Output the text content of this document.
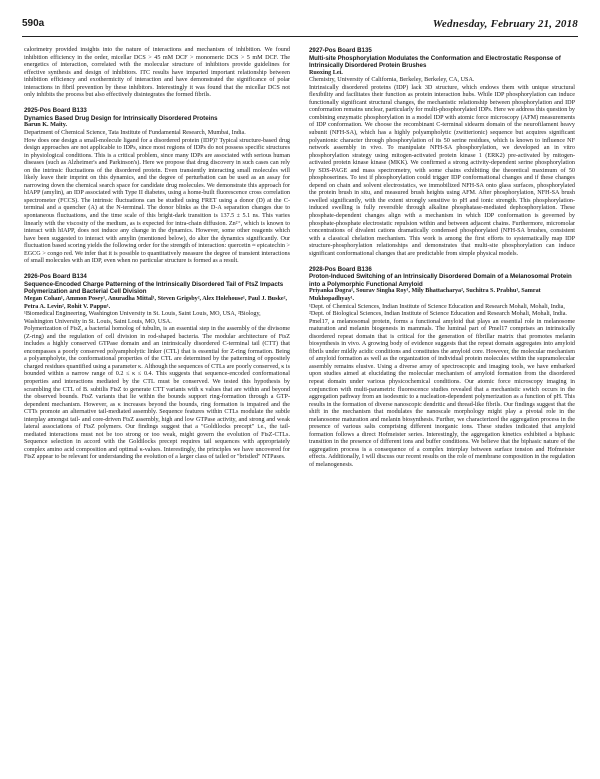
590a	Wednesday, February 21, 2018

calorimetry provided insights into the nature of interactions and mechanism of inhibition. We found inhibition efficiency in the order, micellar DCS > 45 mM DCF > monomeric DCS > 5 mM DCF. The energetics of interaction, correlated with the molecular structure of inhibitors provide guidelines for effective synthesis and design of inhibitors. ITC results have imparted important relationship between inhibition efficiency and exothermicity of interaction and have demonstrated the significance of polar interactions in fibril prevention by these inhibitors. Interestingly it was found that the micellar DCS not only inhibits the process but also effectively disintegrates the formed fibrils.

2925-Pos Board B133
Dynamics Based Drug Design for Intrinsically Disordered Proteins
Barun K. Maity.
Department of Chemical Science, Tata Institute of Fundamental Research, Mumbai, India.

How does one design a small-molecule ligand for a disordered protein (IDP)? Typical structure-based drug design approaches are not applicable to IDPs, since most regions of IDPs do not possess specific structures in physiological conditions. This is a critical problem, since many IDPs are associated with serious human diseases (such as Alzheimer's and Parkinson's). Here we propose that drug discovery in such cases can rely on the intrinsic fluctuations of the disordered protein. Even transiently interacting small molecules will likely leave their imprint on this dynamics, and the degree of perturbation can be used as an assay for narrowing down the chemical search space for candidate drug molecules. We demonstrate this approach for hIAPP (amylin), an IDP associated with Type II diabetes, using a home-built fluorescence cross correlation spectrometer (FCCS). The intrinsic fluctuations can be studied using FRET using a donor (D) at the C-terminal and a quencher (A) at the N-terminal. The donor blinks as the D-A separation changes due to spontaneous fluctuations, and the time scale of this bright-dark transition is 137.5 ± 5.1 ns. This varies linearly with the viscosity of the medium, as is expected for intra-chain diffusion. Zn²⁺, which is known to interact with hIAPP, does not induce any change in the dynamics. However, some other reagents which have been suggested to interact with amylin (mentioned below), do alter the dynamics significantly. Our fluctuation based scoring yields the following order for the strength of interaction: quercetin ≈ epicatechin > EGCG > congo red. We infer that it is possible to quantitatively measure the degree of transient interactions of small molecules with an IDP, even when no particular structure is formed as a result.

2926-Pos Board B134
Sequence-Encoded Charge Patterning of the Intrinsically Disordered Tail of FtsZ Impacts Polymerization and Bacterial Cell Division
Megan Cohan¹, Ammon Posey¹, Anuradha Mittal¹, Steven Grigsby², Alex Holehouse¹, Paul J. Buske², Petra A. Levin², Rohit V. Pappu¹.
¹Biomedical Engineering, Washington University in St. Louis, Saint Louis, MO, USA, ²Biology, Washington University in St. Louis, Saint Louis, MO, USA.

Polymerization of FtsZ, a bacterial homolog of tubulin, is an essential step in the assembly of the divisome (Z-ring) and the regulation of cell division in rod-shaped bacteria. The modular architecture of FtsZ includes a highly conserved GTPase domain and an intrinsically disordered C-terminal tail (CTT) that encompasses a poorly conserved polyampholytic linker (CTL) that is essential for Z-ring formation. Being a polyampholyte, the conformational properties of the CTL are determined by the patterning of oppositely charged residues quantified using a parameter κ. Although the sequences of CTLs are poorly conserved, κ is bounded within a narrow range of 0.2 ≤ κ ≤ 0.4. This suggests that sequence-encoded conformational properties and interactions mediated by the CTL must be conserved. We tested this hypothesis by scrambling the CTL of B. subtilis FtsZ to generate CTT variants with κ values that are within and beyond the observed bounds. FtsZ variants that lie within the bounds support ring-formation through a GTP-dependent mechanism. However, as κ increases beyond the bounds, ring formation is impaired and the CTTs promote an alternative tail-mediated assembly. Sequence features within CTLs modulate the subtle interplay amongst tail- and core-driven FtsZ assembly, high and low GTPase activity, and strong and weak lateral associations of FtsZ polymers. Our findings suggest that a "Goldilocks precept" i.e., the tail-mediated interactions must not be too strong or too weak, might govern the evolution of FtsZ-CTLs. Sequence selection in accord with the Goldilocks precept requires tail sequences with appropriately complex amino acid composition and optimal κ-values. Interestingly, the principles we have uncovered for FtsZ appear to be relevant for understanding the evolution of a larger class of tailed or "bristled" NTPases.

2927-Pos Board B135
Multi-site Phosphorylation Modulates the Conformation and Electrostatic Response of Intrinsically Disordered Protein Brushes
Ruoxing Lei.
Chemistry, University of California, Berkeley, Berkeley, CA, USA.

Intrinsically disordered proteins (IDP) lack 3D structure, which endows them with unique structural flexibility and facilitates their function as protein interaction hubs. While IDP phosphorylation can induce functionally significant structural changes, the mechanistic relationship between phosphorylation and IDP conformation remains unclear, particularly for multi-phosphorylated IDPs. Here we address this question by combining enzymatic phosphorylation in a model IDP with atomic force microscopy (AFM) measurements of IDP conformation. We choose the recombinant C-terminal sidearm domain of the neurofilament heavy subunit (NFH-SA), which has a highly polyampholytic (zwitterionic) sequence but acquires significant polyanionic character through phosphorylation of its 50 serine residues, which is known to influence NF network assembly in vivo. To manipulate NFH-SA phosphorylation, we developed an in vitro phosphorylation strategy using mitogen-activated protein kinase 1 (ERK2) pre-activated by mitogen-activated protein kinase kinase (MKK). We confirmed a strong activity-dependent serine phosphorylation by SDS-PAGE and mass spectrometry, with some chains exhibiting the theoretical maximum of 50 phosphoserines. To test if phosphorylation could trigger IDP conformational changes and if these changes depend on chain and solvent electrostatics, we immobilized NFH-SA onto glass surfaces, phosphorylated the protein brush in situ, and measured brush heights using AFM. After phosphorylation, NFH-SA brush swelled significantly, with the extent strongly sensitive to pH and ionic strength. This phosphorylation-induced swelling is fully reversible through alkaline phosphatase-mediated dephosphorylation. These phosphate-dependent changes align with a mechanism in which IDP conformation is governed by phosphate-phosphate electrostatic repulsion within and between adjacent chains. Furthermore, micromolar concentrations of divalent cations dramatically condensed phosphorylated (NFH-SA brushes, consistent with a classical chelation mechanism. This work is among the first efforts to systematically map IDP structure-phosphorylation relationships and demonstrates that multi-site phosphorylation can induce significant conformational changes that are predictable from simple physical models.

2928-Pos Board B136
Proton-Induced Switching of an Intrinsically Disordered Domain of a Melanosomal Protein into a Polymorphic Functional Amyloid
Priyanka Dogra¹, Sourav Singha Roy¹, Mily Bhattacharya², Suchitra S. Prabhu¹, Samrat Mukhopadhyay¹.
¹Dept. of Chemical Sciences, Indian Institute of Science Education and Research Mohali, Mohali, India, ²Dept. of Biological Sciences, Indian Institute of Science Education and Research Mohali, Mohali, India.

Pmel17, a melanosomal protein, forms a functional amyloid that plays an essential role in melanosome maturation and melanin biogenesis in mammals. The luminal part of Pmel17 comprises an intrinsically disordered repeat domain that is critical for the generation of fibrillar matrix that promotes melanin biosynthesis in vivo. A growing body of evidence suggests that the repeat domain aggregates into amyloid fibrils under mildly acidic conditions and constitutes the amyloid core. However, the molecular mechanism of amyloid formation as well as the organization of individual protein molecules within the supramolecular assembly remains elusive. Using a diverse array of spectroscopic and imaging tools, we have embarked upon studies aimed at elucidating the molecular mechanism of amyloid formation from the disordered repeat domain under various physicochemical conditions. Our atomic force microscopy imaging in conjunction with multi-parametric fluorescence studies revealed that a mechanistic switch occurs in the aggregation pathway from an isodesmic to a nucleation-dependent polymerization as a function of pH. This results in the formation of diverse nanoscopic dendritic and thread-like fibrils. Our findings suggest that the shift in the mechanism that modulates the nanoscale morphology might play a pivotal role in the melanosome maturation and melanin biosynthesis. Further, we characterized the aggregation process in the presence of various salts comprising different inorganic ions. These studies indicated that amyloid formation follows a direct Hofmeister series. Interestingly, the aggregation kinetics exhibited a biphasic transition in the presence of different ions and buffer conditions. We believe that the biphasic nature of the aggregation process is a consequence of a complex interplay between surface tension and Hofmeister effects. Additionally, I will discuss our recent results on the role of membrane composition in the regulation of melanogenesis.
